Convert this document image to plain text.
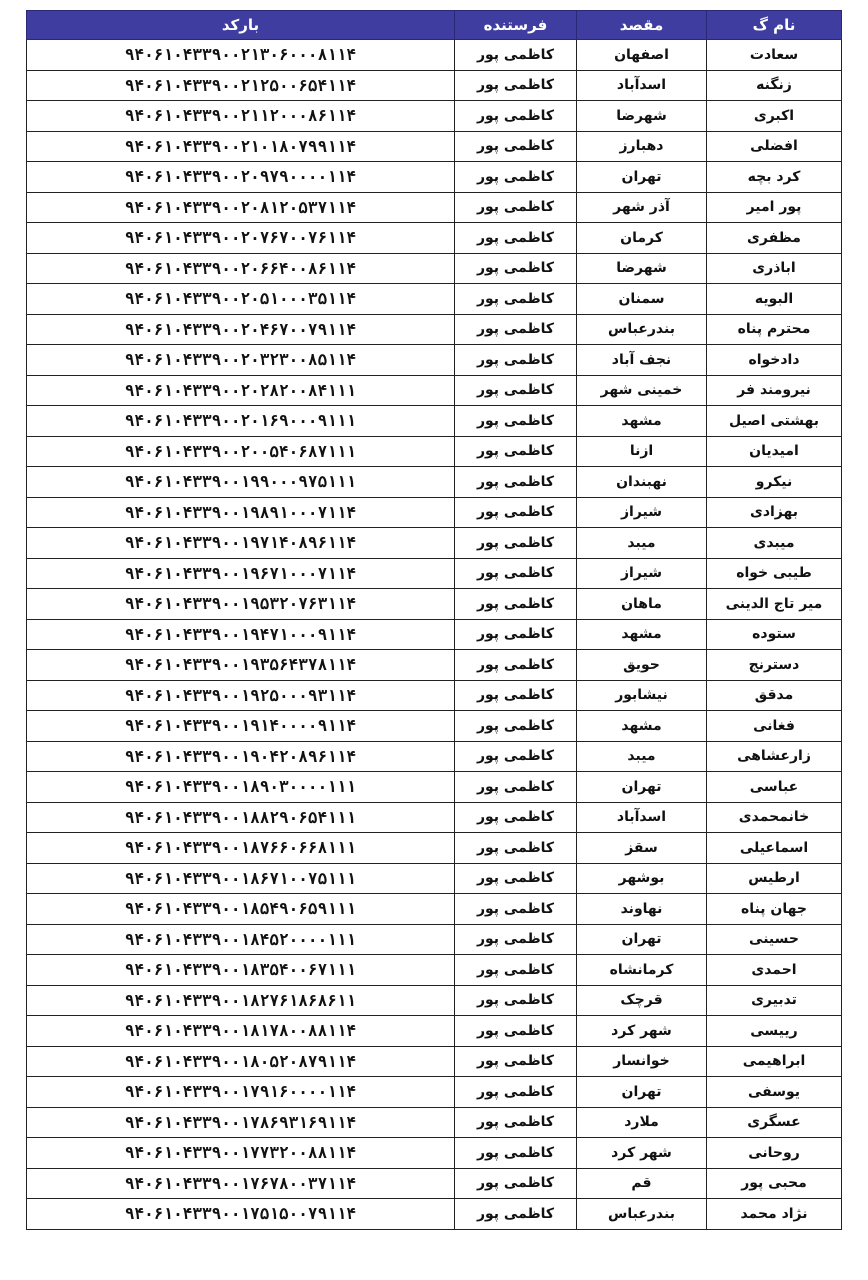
نام گ	مقصد	فرستنده	بارکد
سعادت	اصفهان	کاظمی پور	۹۴۰۶۱۰۴۳۳۹۰۰۲۱۳۰۶۰۰۰۸۱۱۴
زنگنه	اسدآباد	کاظمی پور	۹۴۰۶۱۰۴۳۳۹۰۰۲۱۲۵۰۰۶۵۴۱۱۴
اکبری	شهرضا	کاظمی پور	۹۴۰۶۱۰۴۳۳۹۰۰۲۱۱۲۰۰۰۸۶۱۱۴
افضلی	دهبارز	کاظمی پور	۹۴۰۶۱۰۴۳۳۹۰۰۲۱۰۱۸۰۷۹۹۱۱۴
کرد بچه	تهران	کاظمی پور	۹۴۰۶۱۰۴۳۳۹۰۰۲۰۹۷۹۰۰۰۰۱۱۴
پور امیر	آذر شهر	کاظمی پور	۹۴۰۶۱۰۴۳۳۹۰۰۲۰۸۱۲۰۵۳۷۱۱۴
مظفری	کرمان	کاظمی پور	۹۴۰۶۱۰۴۳۳۹۰۰۲۰۷۶۷۰۰۷۶۱۱۴
اباذری	شهرضا	کاظمی پور	۹۴۰۶۱۰۴۳۳۹۰۰۲۰۶۶۴۰۰۸۶۱۱۴
البویه	سمنان	کاظمی پور	۹۴۰۶۱۰۴۳۳۹۰۰۲۰۵۱۰۰۰۳۵۱۱۴
محترم پناه	بندرعباس	کاظمی پور	۹۴۰۶۱۰۴۳۳۹۰۰۲۰۴۶۷۰۰۷۹۱۱۴
دادخواه	نجف آباد	کاظمی پور	۹۴۰۶۱۰۴۳۳۹۰۰۲۰۳۲۳۰۰۸۵۱۱۴
نیرومند فر	خمینی شهر	کاظمی پور	۹۴۰۶۱۰۴۳۳۹۰۰۲۰۲۸۲۰۰۸۴۱۱۱
بهشتی اصیل	مشهد	کاظمی پور	۹۴۰۶۱۰۴۳۳۹۰۰۲۰۱۶۹۰۰۰۹۱۱۱
امیدیان	ازنا	کاظمی پور	۹۴۰۶۱۰۴۳۳۹۰۰۲۰۰۵۴۰۶۸۷۱۱۱
نیکرو	نهبندان	کاظمی پور	۹۴۰۶۱۰۴۳۳۹۰۰۱۹۹۰۰۰۹۷۵۱۱۱
بهزادی	شیراز	کاظمی پور	۹۴۰۶۱۰۴۳۳۹۰۰۱۹۸۹۱۰۰۰۷۱۱۴
میبدی	میبد	کاظمی پور	۹۴۰۶۱۰۴۳۳۹۰۰۱۹۷۱۴۰۸۹۶۱۱۴
طیبی خواه	شیراز	کاظمی پور	۹۴۰۶۱۰۴۳۳۹۰۰۱۹۶۷۱۰۰۰۷۱۱۴
میر تاج الدینی	ماهان	کاظمی پور	۹۴۰۶۱۰۴۳۳۹۰۰۱۹۵۳۲۰۷۶۳۱۱۴
ستوده	مشهد	کاظمی پور	۹۴۰۶۱۰۴۳۳۹۰۰۱۹۴۷۱۰۰۰۹۱۱۴
دسترنج	حویق	کاظمی پور	۹۴۰۶۱۰۴۳۳۹۰۰۱۹۳۵۶۴۳۷۸۱۱۴
مدقق	نیشابور	کاظمی پور	۹۴۰۶۱۰۴۳۳۹۰۰۱۹۲۵۰۰۰۹۳۱۱۴
فغانی	مشهد	کاظمی پور	۹۴۰۶۱۰۴۳۳۹۰۰۱۹۱۴۰۰۰۰۹۱۱۴
زارعشاهی	میبد	کاظمی پور	۹۴۰۶۱۰۴۳۳۹۰۰۱۹۰۴۲۰۸۹۶۱۱۴
عباسی	تهران	کاظمی پور	۹۴۰۶۱۰۴۳۳۹۰۰۱۸۹۰۳۰۰۰۰۱۱۱
خانمحمدی	اسدآباد	کاظمی پور	۹۴۰۶۱۰۴۳۳۹۰۰۱۸۸۲۹۰۶۵۴۱۱۱
اسماعیلی	سقز	کاظمی پور	۹۴۰۶۱۰۴۳۳۹۰۰۱۸۷۶۶۰۶۶۸۱۱۱
ارطیس	بوشهر	کاظمی پور	۹۴۰۶۱۰۴۳۳۹۰۰۱۸۶۷۱۰۰۷۵۱۱۱
جهان پناه	نهاوند	کاظمی پور	۹۴۰۶۱۰۴۳۳۹۰۰۱۸۵۴۹۰۶۵۹۱۱۱
حسینی	تهران	کاظمی پور	۹۴۰۶۱۰۴۳۳۹۰۰۱۸۴۵۲۰۰۰۰۱۱۱
احمدی	کرمانشاه	کاظمی پور	۹۴۰۶۱۰۴۳۳۹۰۰۱۸۳۵۴۰۰۶۷۱۱۱
تدبیری	قرچک	کاظمی پور	۹۴۰۶۱۰۴۳۳۹۰۰۱۸۲۷۶۱۸۶۸۶۱۱
رییسی	شهر کرد	کاظمی پور	۹۴۰۶۱۰۴۳۳۹۰۰۱۸۱۷۸۰۰۸۸۱۱۴
ابراهیمی	خوانسار	کاظمی پور	۹۴۰۶۱۰۴۳۳۹۰۰۱۸۰۵۲۰۸۷۹۱۱۴
یوسفی	تهران	کاظمی پور	۹۴۰۶۱۰۴۳۳۹۰۰۱۷۹۱۶۰۰۰۰۱۱۴
عسگری	ملارد	کاظمی پور	۹۴۰۶۱۰۴۳۳۹۰۰۱۷۸۶۹۳۱۶۹۱۱۴
روحانی	شهر کرد	کاظمی پور	۹۴۰۶۱۰۴۳۳۹۰۰۱۷۷۳۲۰۰۸۸۱۱۴
محبی پور	قم	کاظمی پور	۹۴۰۶۱۰۴۳۳۹۰۰۱۷۶۷۸۰۰۳۷۱۱۴
نژاد محمد	بندرعباس	کاظمی پور	۹۴۰۶۱۰۴۳۳۹۰۰۱۷۵۱۵۰۰۷۹۱۱۴
